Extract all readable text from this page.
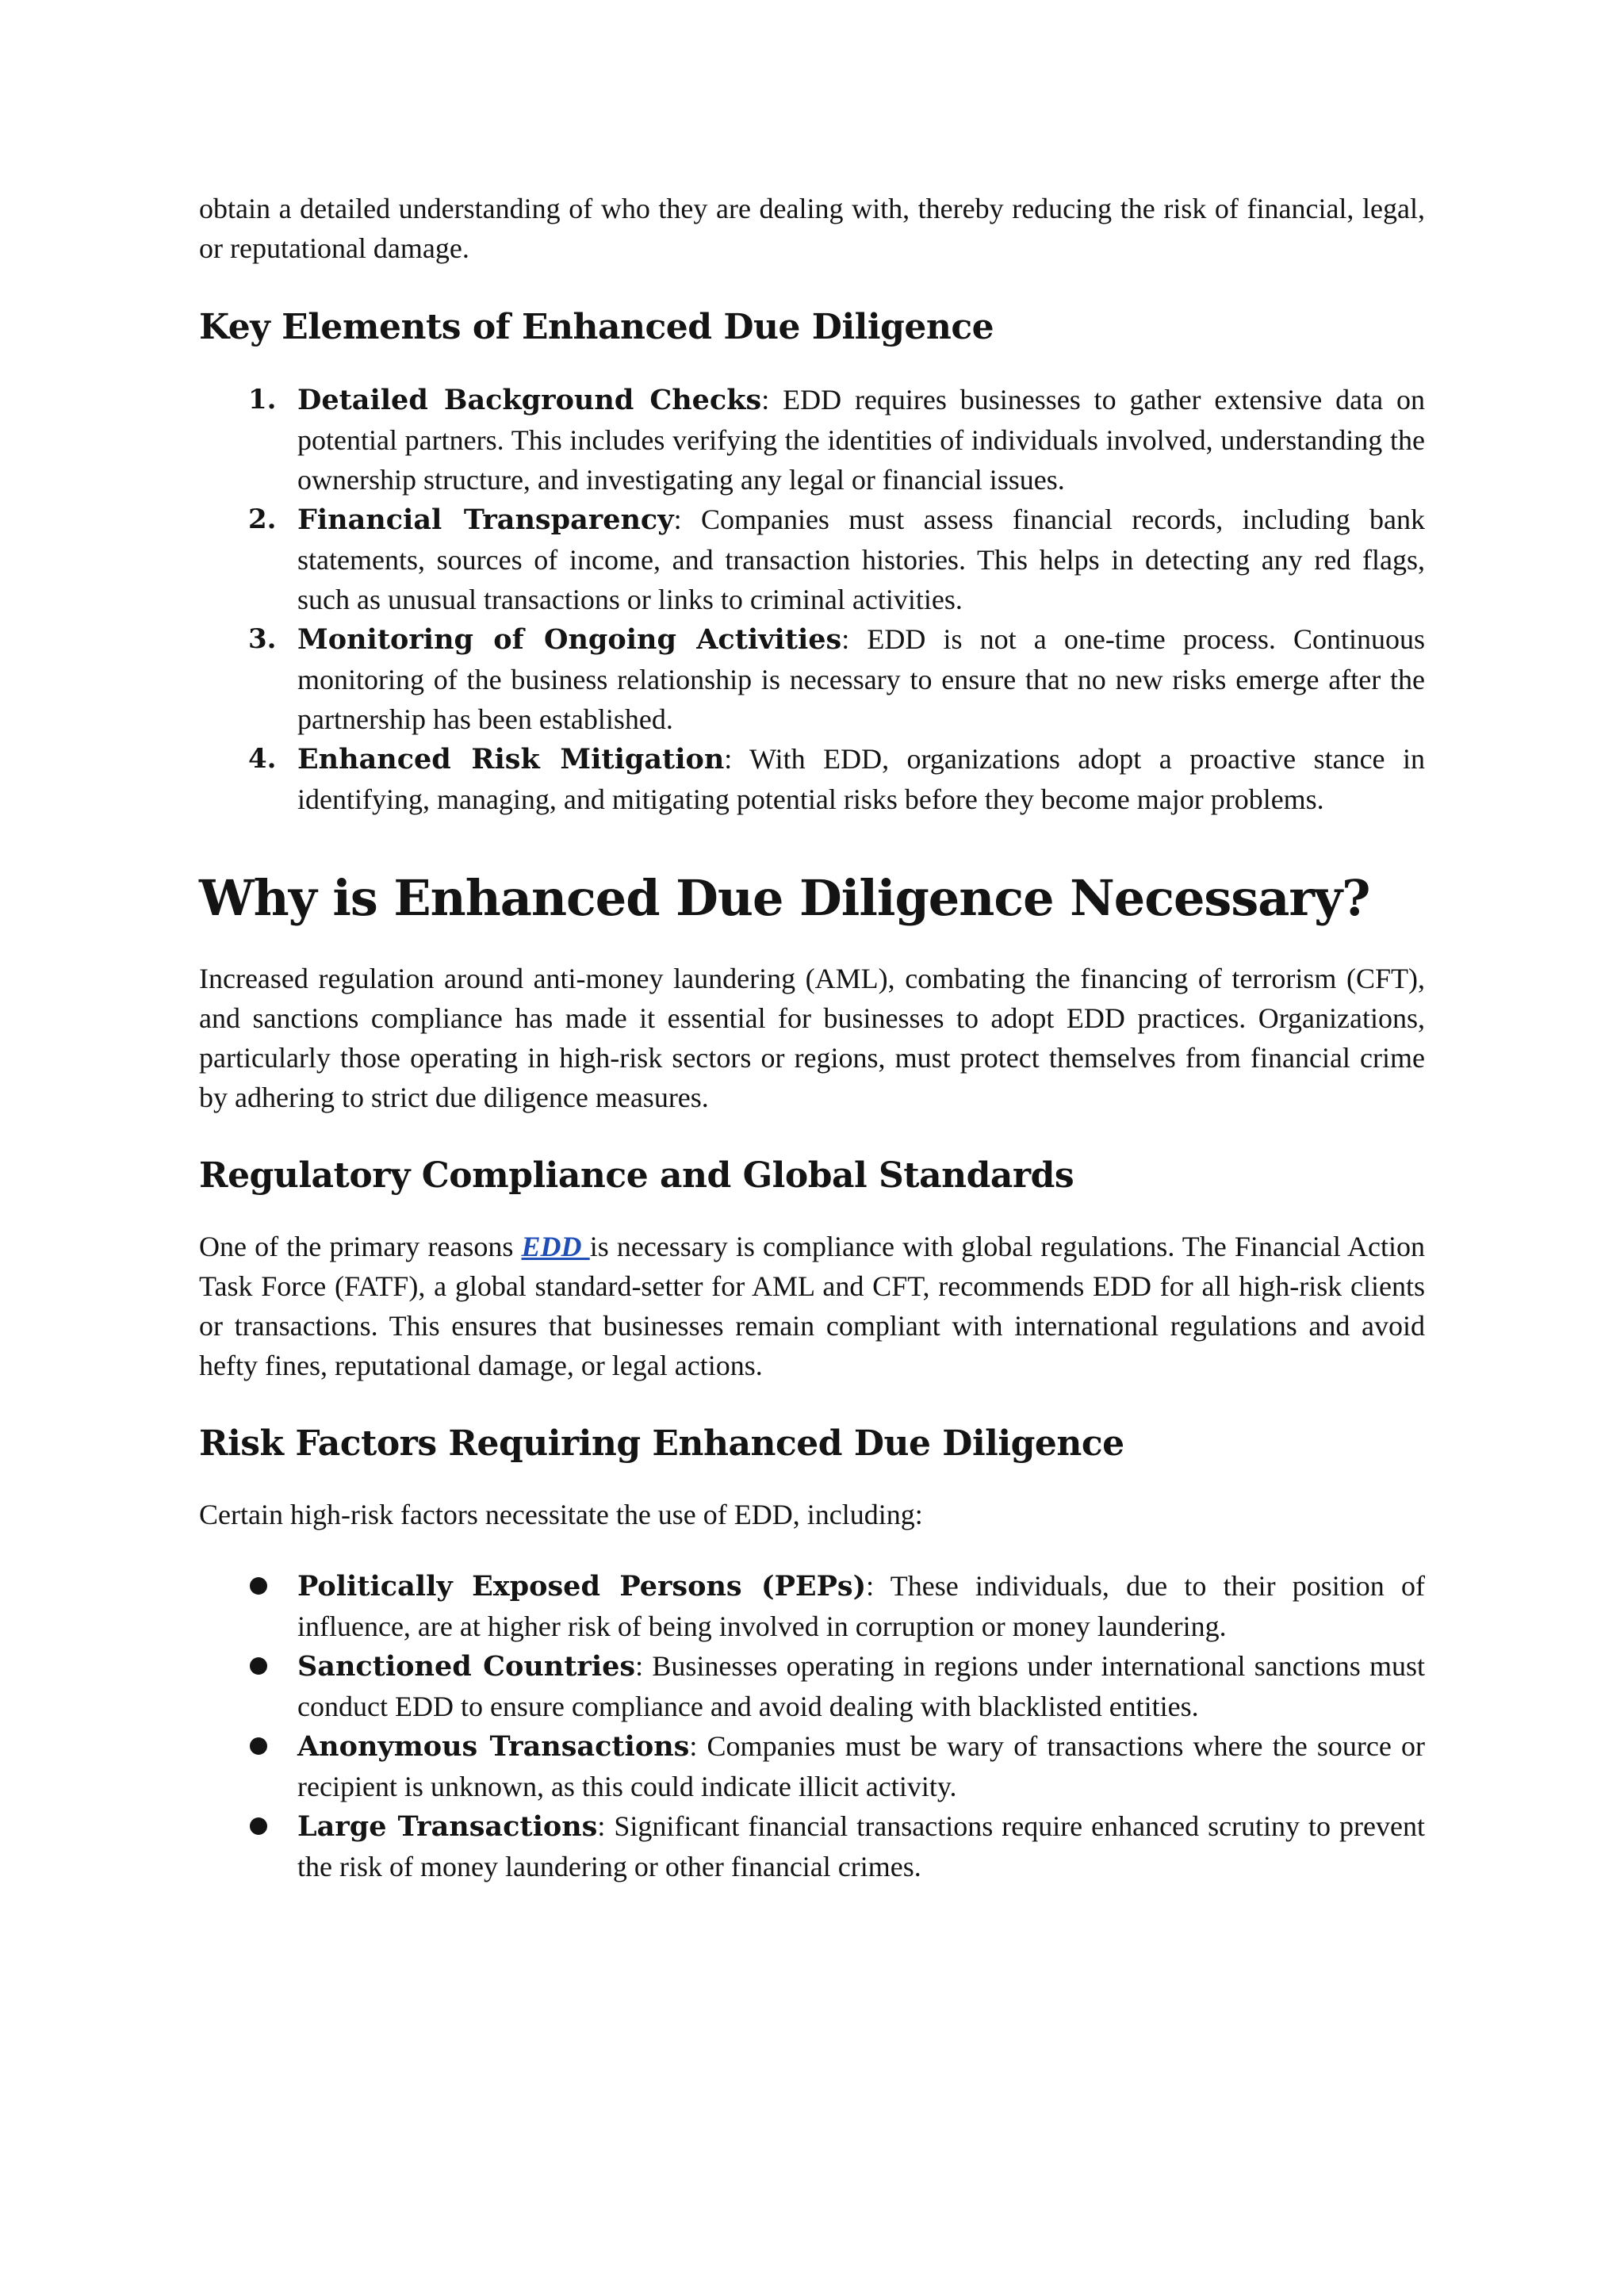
obtain a detailed understanding of who they are dealing with, thereby reducing the risk of financial, legal, or reputational damage.

Key Elements of Enhanced Due Diligence
1. Detailed Background Checks: EDD requires businesses to gather extensive data on potential partners. This includes verifying the identities of individuals involved, understanding the ownership structure, and investigating any legal or financial issues.
2. Financial Transparency: Companies must assess financial records, including bank statements, sources of income, and transaction histories. This helps in detecting any red flags, such as unusual transactions or links to criminal activities.
3. Monitoring of Ongoing Activities: EDD is not a one-time process. Continuous monitoring of the business relationship is necessary to ensure that no new risks emerge after the partnership has been established.
4. Enhanced Risk Mitigation: With EDD, organizations adopt a proactive stance in identifying, managing, and mitigating potential risks before they become major problems.
Why is Enhanced Due Diligence Necessary?

Increased regulation around anti-money laundering (AML), combating the financing of terrorism (CFT), and sanctions compliance has made it essential for businesses to adopt EDD practices. Organizations, particularly those operating in high-risk sectors or regions, must protect themselves from financial crime by adhering to strict due diligence measures.

Regulatory Compliance and Global Standards

One of the primary reasons EDD is necessary is compliance with global regulations. The Financial Action Task Force (FATF), a global standard-setter for AML and CFT, recommends EDD for all high-risk clients or transactions. This ensures that businesses remain compliant with international regulations and avoid hefty fines, reputational damage, or legal actions.

Risk Factors Requiring Enhanced Due Diligence

Certain high-risk factors necessitate the use of EDD, including:

Politically Exposed Persons (PEPs): These individuals, due to their position of influence, are at higher risk of being involved in corruption or money laundering.
Sanctioned Countries: Businesses operating in regions under international sanctions must conduct EDD to ensure compliance and avoid dealing with blacklisted entities.
Anonymous Transactions: Companies must be wary of transactions where the source or recipient is unknown, as this could indicate illicit activity.
Large Transactions: Significant financial transactions require enhanced scrutiny to prevent the risk of money laundering or other financial crimes.
